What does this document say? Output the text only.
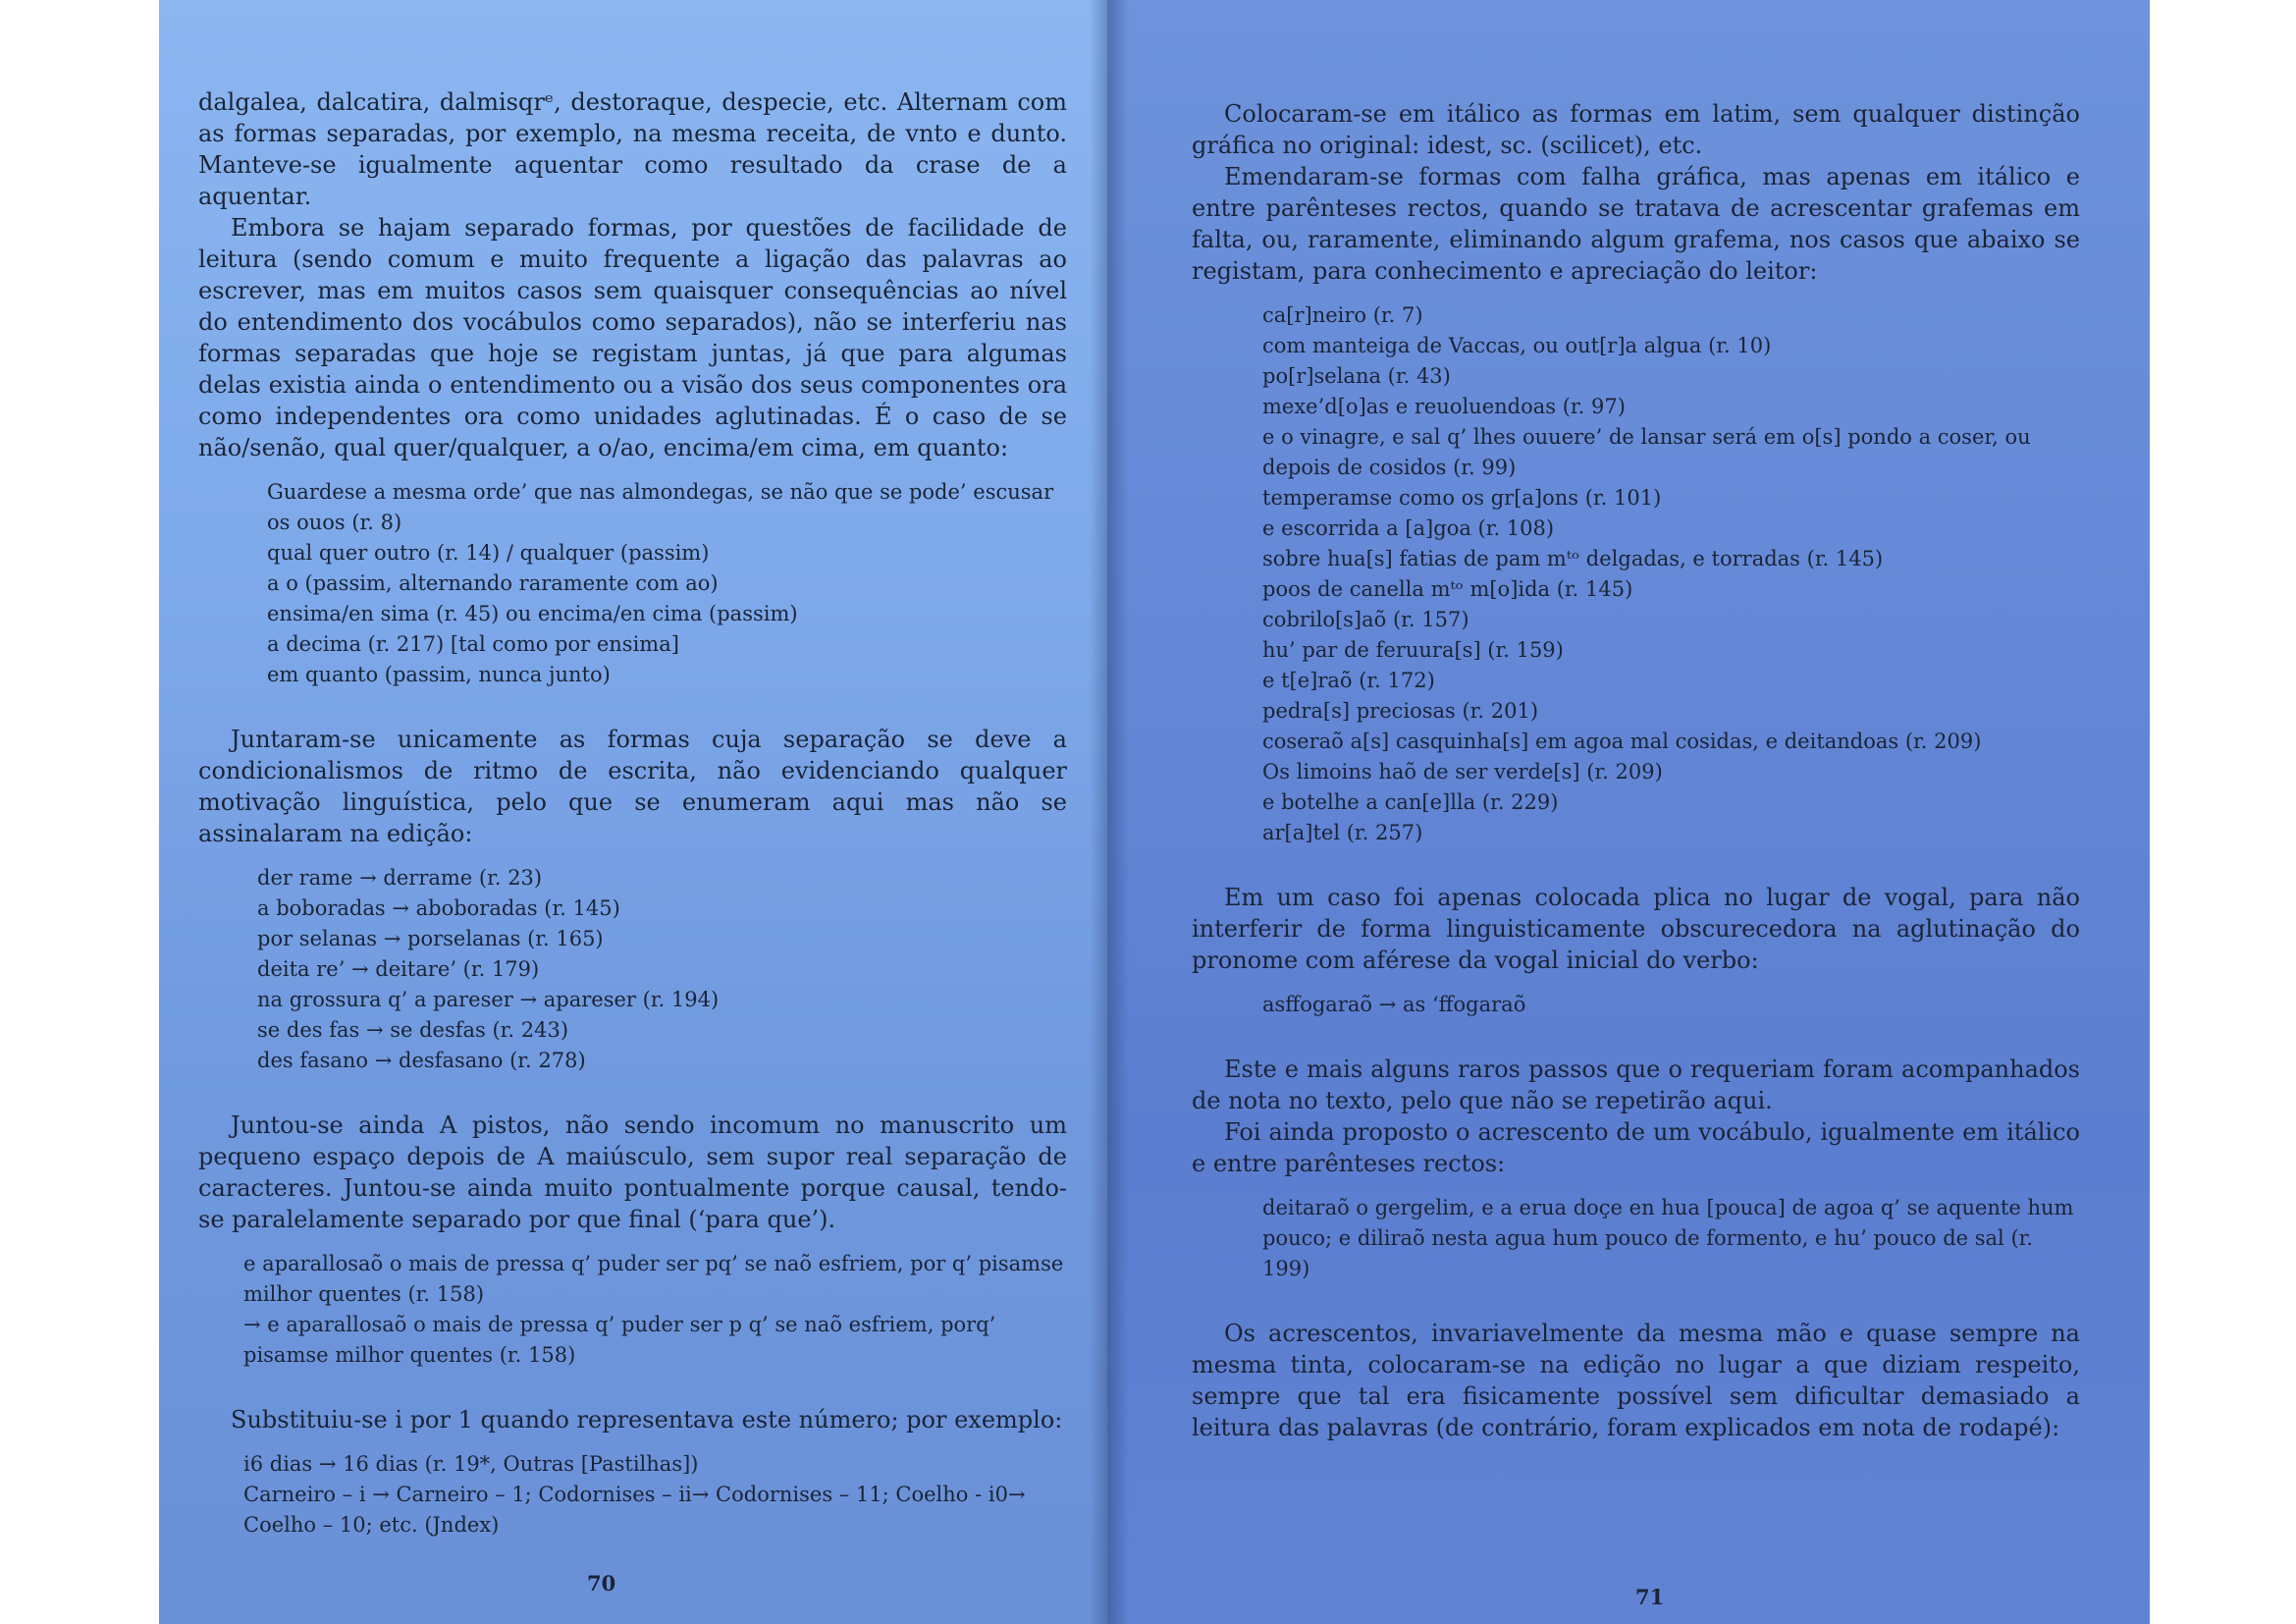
dalgalea, dalcatira, dalmisqrᵉ, destoraque, despecie, etc. Alternam com as formas separadas, por exemplo, na mesma receita, de vnto e dunto. Manteve-se igualmente aquentar como resultado da crase de a aquentar.

Embora se hajam separado formas, por questões de facilidade de leitura (sendo comum e muito frequente a ligação das palavras ao escrever, mas em muitos casos sem quaisquer consequências ao nível do entendimento dos vocábulos como separados), não se interferiu nas formas separadas que hoje se registam juntas, já que para algumas delas existia ainda o entendimento ou a visão dos seus componentes ora como independentes ora como unidades aglutinadas. É o caso de se não/senão, qual quer/qualquer, a o/ao, encima/em cima, em quanto:

Guardese a mesma orde’ que nas almondegas, se não que se pode’ escusar os ouos (r. 8)
qual quer outro (r. 14) / qualquer (passim)
a o (passim, alternando raramente com ao)
ensima/en sima (r. 45) ou encima/en cima (passim)
a decima (r. 217) [tal como por ensima]
em quanto (passim, nunca junto)

Juntaram-se unicamente as formas cuja separação se deve a condicionalismos de ritmo de escrita, não evidenciando qualquer motivação linguística, pelo que se enumeram aqui mas não se assinalaram na edição:

der rame → derrame (r. 23)
a boboradas → aboboradas (r. 145)
por selanas → porselanas (r. 165)
deita re’ → deitare’ (r. 179)
na grossura q’ a pareser → apareser (r. 194)
se des fas → se desfas (r. 243)
des fasano → desfasano (r. 278)

Juntou-se ainda A pistos, não sendo incomum no manuscrito um pequeno espaço depois de A maiúsculo, sem supor real separação de caracteres. Juntou-se ainda muito pontualmente porque causal, tendo-se paralelamente separado por que final (‘para que’).

e aparallosaõ o mais de pressa q’ puder ser pq’ se naõ esfriem, por q’ pisamse milhor quentes (r. 158)
→ e aparallosaõ o mais de pressa q’ puder ser p q’ se naõ esfriem, porq’ pisamse milhor quentes (r. 158)

Substituiu-se i por 1 quando representava este número; por exemplo:

i6 dias → 16 dias (r. 19*, Outras [Pastilhas])
Carneiro – i → Carneiro – 1; Codornises – ii→ Codornises – 11; Coelho - i0→ Coelho – 10; etc. (Jndex)
70

Colocaram-se em itálico as formas em latim, sem qualquer distinção gráfica no original: idest, sc. (scilicet), etc.

Emendaram-se formas com falha gráfica, mas apenas em itálico e entre parênteses rectos, quando se tratava de acrescentar grafemas em falta, ou, raramente, eliminando algum grafema, nos casos que abaixo se registam, para conhecimento e apreciação do leitor:

ca[r]neiro (r. 7)
com manteiga de Vaccas, ou out[r]a algua (r. 10)
po[r]selana (r. 43)
mexe’d[o]as e reuoluendoas (r. 97)
e o vinagre, e sal q’ lhes ouuere’ de lansar será em o[s] pondo a coser, ou depois de cosidos (r. 99)
temperamse como os gr[a]ons (r. 101)
e escorrida a [a]goa (r. 108)
sobre hua[s] fatias de pam mᵗᵒ delgadas, e torradas (r. 145)
poos de canella mᵗᵒ m[o]ida (r. 145)
cobrilo[s]aõ (r. 157)
hu’ par de feruura[s] (r. 159)
e t[e]raõ (r. 172)
pedra[s] preciosas (r. 201)
coseraõ a[s] casquinha[s] em agoa mal cosidas, e deitandoas (r. 209)
Os limoins haõ de ser verde[s] (r. 209)
e botelhe a can[e]lla (r. 229)
ar[a]tel (r. 257)

Em um caso foi apenas colocada plica no lugar de vogal, para não interferir de forma linguisticamente obscurecedora na aglutinação do pronome com aférese da vogal inicial do verbo:

asffogaraõ → as ‘ffogaraõ

Este e mais alguns raros passos que o requeriam foram acompanhados de nota no texto, pelo que não se repetirão aqui.

Foi ainda proposto o acrescento de um vocábulo, igualmente em itálico e entre parênteses rectos:

deitaraõ o gergelim, e a erua doçe en hua [pouca] de agoa q’ se aquente hum pouco; e diliraõ nesta agua hum pouco de formento, e hu’ pouco de sal (r. 199)

Os acrescentos, invariavelmente da mesma mão e quase sempre na mesma tinta, colocaram-se na edição no lugar a que diziam respeito, sempre que tal era fisicamente possível sem dificultar demasiado a leitura das palavras (de contrário, foram explicados em nota de rodapé):

71
